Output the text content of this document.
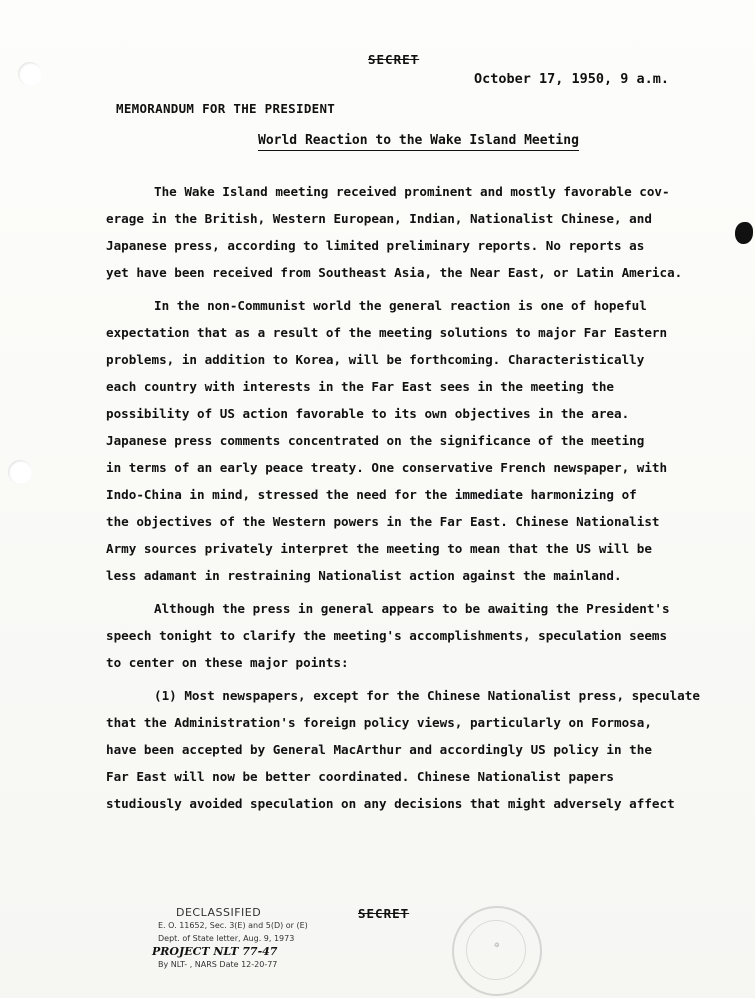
SECRET
October 17, 1950, 9 a.m.
MEMORANDUM FOR THE PRESIDENT
World Reaction to the Wake Island Meeting
The Wake Island meeting received prominent and mostly favorable cov-
erage in the British, Western European, Indian, Nationalist Chinese, and
Japanese press, according to limited preliminary reports. No reports as
yet have been received from Southeast Asia, the Near East, or Latin America.
In the non-Communist world the general reaction is one of hopeful
expectation that as a result of the meeting solutions to major Far Eastern
problems, in addition to Korea, will be forthcoming. Characteristically
each country with interests in the Far East sees in the meeting the
possibility of US action favorable to its own objectives in the area.
Japanese press comments concentrated on the significance of the meeting
in terms of an early peace treaty. One conservative French newspaper, with
Indo-China in mind, stressed the need for the immediate harmonizing of
the objectives of the Western powers in the Far East. Chinese Nationalist
Army sources privately interpret the meeting to mean that the US will be
less adamant in restraining Nationalist action against the mainland.
Although the press in general appears to be awaiting the President's
speech tonight to clarify the meeting's accomplishments, speculation seems
to center on these major points:
(1) Most newspapers, except for the Chinese Nationalist press, speculate
that the Administration's foreign policy views, particularly on Formosa,
have been accepted by General MacArthur and accordingly US policy in the
Far East will now be better coordinated. Chinese Nationalist papers
studiously avoided speculation on any decisions that might adversely affect
DECLASSIFIED
E. O. 11652, Sec. 3(E) and 5(D) or (E)
Dept. of State letter, Aug. 9, 1973
PROJECT NLT 77-47
By NLT- , NARS Date 12-20-77
SECRET
❂
